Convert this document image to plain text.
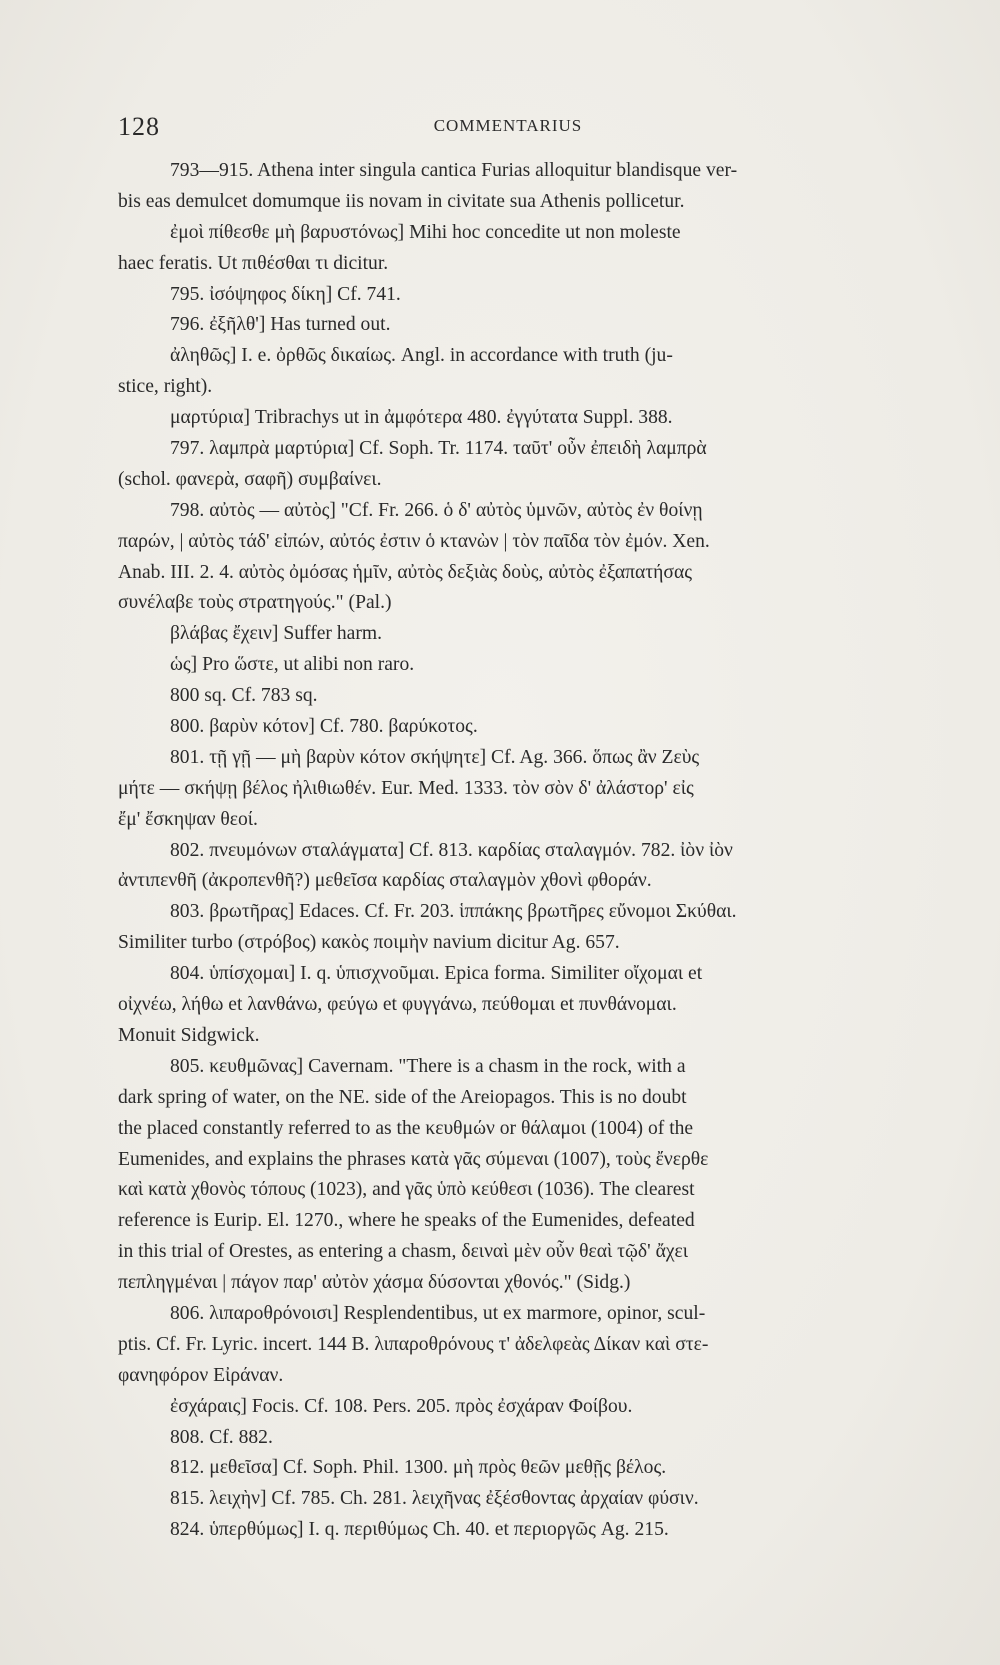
128	COMMENTARIUS
793—915. Athena inter singula cantica Furias alloquitur blandisque ver-
bis eas demulcet domumque iis novam in civitate sua Athenis pollicetur.
ἐμοὶ πίθεσθε μὴ βαρυστόνως] Mihi hoc concedite ut non moleste
haec feratis. Ut πιθέσθαι τι dicitur.
795. ἰσόψηφος δίκη] Cf. 741.
796. ἐξῆλθ'] Has turned out.
ἀληθῶς] I. e. ὀρθῶς δικαίως. Angl. in accordance with truth (ju-
stice, right).
μαρτύρια] Tribrachys ut in ἀμφότερα 480. ἐγγύτατα Suppl. 388.
797. λαμπρὰ μαρτύρια] Cf. Soph. Tr. 1174. ταῦτ' οὖν ἐπειδὴ λαμπρὰ
(schol. φανερὰ, σαφῆ) συμβαίνει.
798. αὐτὸς — αὐτὸς] "Cf. Fr. 266. ὁ δ' αὐτὸς ὑμνῶν, αὐτὸς ἐν θοίνῃ
παρών, | αὐτὸς τάδ' εἰπών, αὐτός ἐστιν ὁ κτανὼν | τὸν παῖδα τὸν ἐμόν. Xen.
Anab. III. 2. 4. αὐτὸς ὀμόσας ἡμῖν, αὐτὸς δεξιὰς δοὺς, αὐτὸς ἐξαπατήσας
συνέλαβε τοὺς στρατηγούς." (Pal.)
βλάβας ἔχειν] Suffer harm.
ὡς] Pro ὥστε, ut alibi non raro.
800 sq. Cf. 783 sq.
800. βαρὺν κότον] Cf. 780. βαρύκοτος.
801. τῇ γῇ — μὴ βαρὺν κότον σκήψητε] Cf. Ag. 366. ὅπως ἂν Ζεὺς
μήτε — σκήψῃ βέλος ἠλιθιωθέν. Eur. Med. 1333. τὸν σὸν δ' ἀλάστορ' εἰς
ἔμ' ἔσκηψαν θεοί.
802. πνευμόνων σταλάγματα] Cf. 813. καρδίας σταλαγμόν. 782. ἰὸν ἰὸν
ἀντιπενθῆ (ἀκροπενθῆ?) μεθεῖσα καρδίας σταλαγμὸν χθονὶ φθοράν.
803. βρωτῆρας] Edaces. Cf. Fr. 203. ἱππάκης βρωτῆρες εὔνομοι Σκύθαι.
Similiter turbo (στρόβος) κακὸς ποιμὴν navium dicitur Ag. 657.
804. ὑπίσχομαι] I. q. ὑπισχνοῦμαι. Epica forma. Similiter οἴχομαι et
οἰχνέω, λήθω et λανθάνω, φεύγω et φυγγάνω, πεύθομαι et πυνθάνομαι.
Monuit Sidgwick.
805. κευθμῶνας] Cavernam. "There is a chasm in the rock, with a
dark spring of water, on the NE. side of the Areiopagos. This is no doubt
the placed constantly referred to as the κευθμών or θάλαμοι (1004) of the
Eumenides, and explains the phrases κατὰ γᾶς σύμεναι (1007), τοὺς ἔνερθε
καὶ κατὰ χθονὸς τόπους (1023), and γᾶς ὑπὸ κεύθεσι (1036). The clearest
reference is Eurip. El. 1270., where he speaks of the Eumenides, defeated
in this trial of Orestes, as entering a chasm, δειναὶ μὲν οὖν θεαὶ τῷδ' ἄχει
πεπληγμέναι | πάγον παρ' αὐτὸν χάσμα δύσονται χθονός." (Sidg.)
806. λιπαροθρόνοισι] Resplendentibus, ut ex marmore, opinor, scul-
ptis. Cf. Fr. Lyric. incert. 144 B. λιπαροθρόνους τ' ἀδελφεὰς Δίκαν καὶ στε-
φανηφόρον Εἰράναν.
ἐσχάραις] Focis. Cf. 108. Pers. 205. πρὸς ἐσχάραν Φοίβου.
808. Cf. 882.
812. μεθεῖσα] Cf. Soph. Phil. 1300. μὴ πρὸς θεῶν μεθῇς βέλος.
815. λειχὴν] Cf. 785. Ch. 281. λειχῆνας ἐξέσθοντας ἀρχαίαν φύσιν.
824. ὑπερθύμως] I. q. περιθύμως Ch. 40. et περιοργῶς Ag. 215.
